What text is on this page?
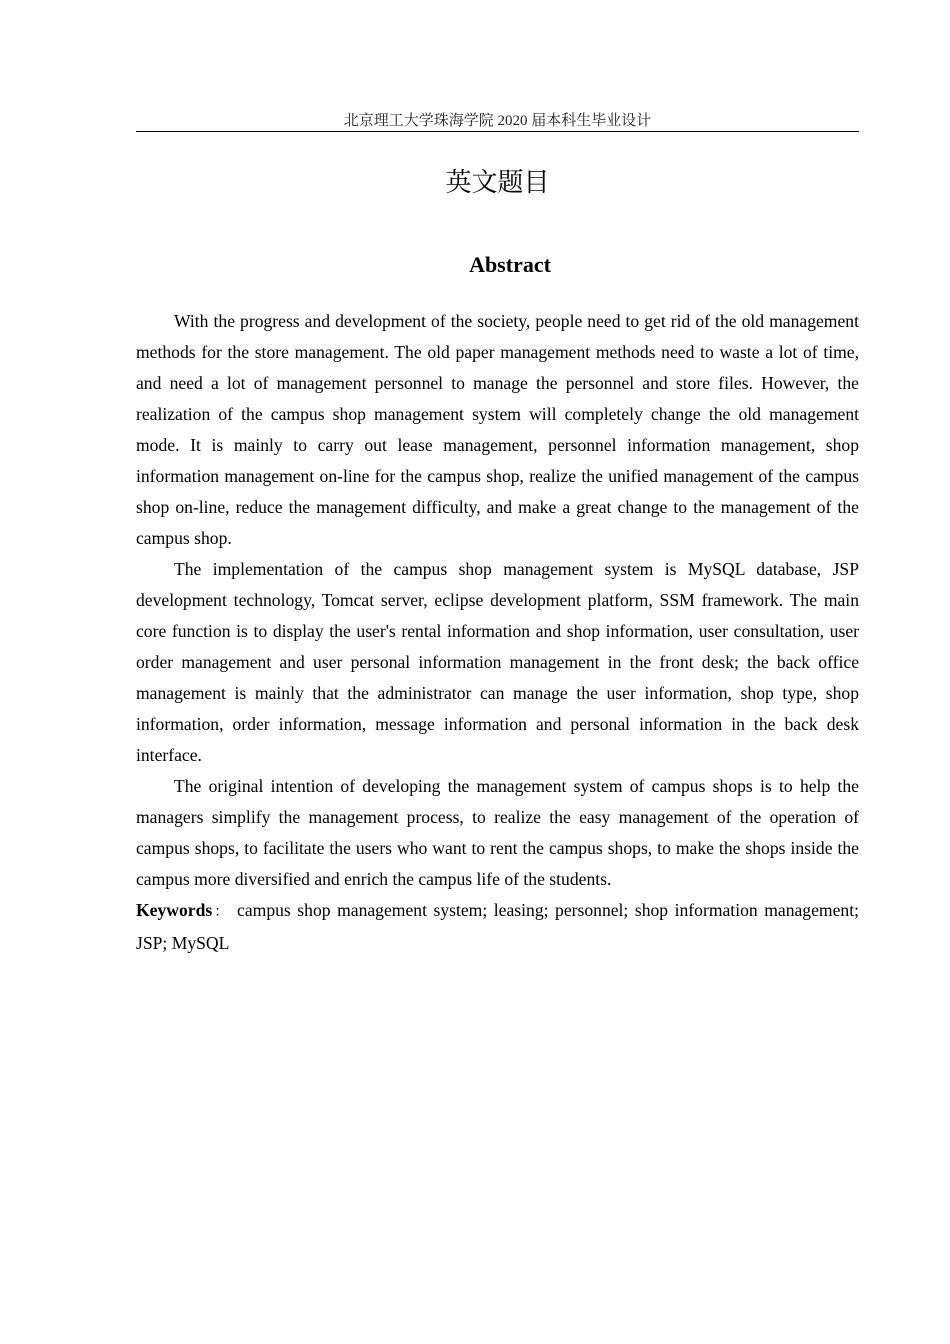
北京理工大学珠海学院 2020 届本科生毕业设计
英文题目
Abstract

With the progress and development of the society, people need to get rid of the old management methods for the store management. The old paper management methods need to waste a lot of time, and need a lot of management personnel to manage the personnel and store files. However, the realization of the campus shop management system will completely change the old management mode. It is mainly to carry out lease management, personnel information management, shop information management on-line for the campus shop, realize the unified management of the campus shop on-line, reduce the management difficulty, and make a great change to the management of the campus shop.

The implementation of the campus shop management system is MySQL database, JSP development technology, Tomcat server, eclipse development platform, SSM framework. The main core function is to display the user's rental information and shop information, user consultation, user order management and user personal information management in the front desk; the back office management is mainly that the administrator can manage the user information, shop type, shop information, order information, message information and personal information in the back desk interface.

The original intention of developing the management system of campus shops is to help the managers simplify the management process, to realize the easy management of the operation of campus shops, to facilitate the users who want to rent the campus shops, to make the shops inside the campus more diversified and enrich the campus life of the students.

Keywords： campus shop management system; leasing; personnel; shop information management; JSP; MySQL
